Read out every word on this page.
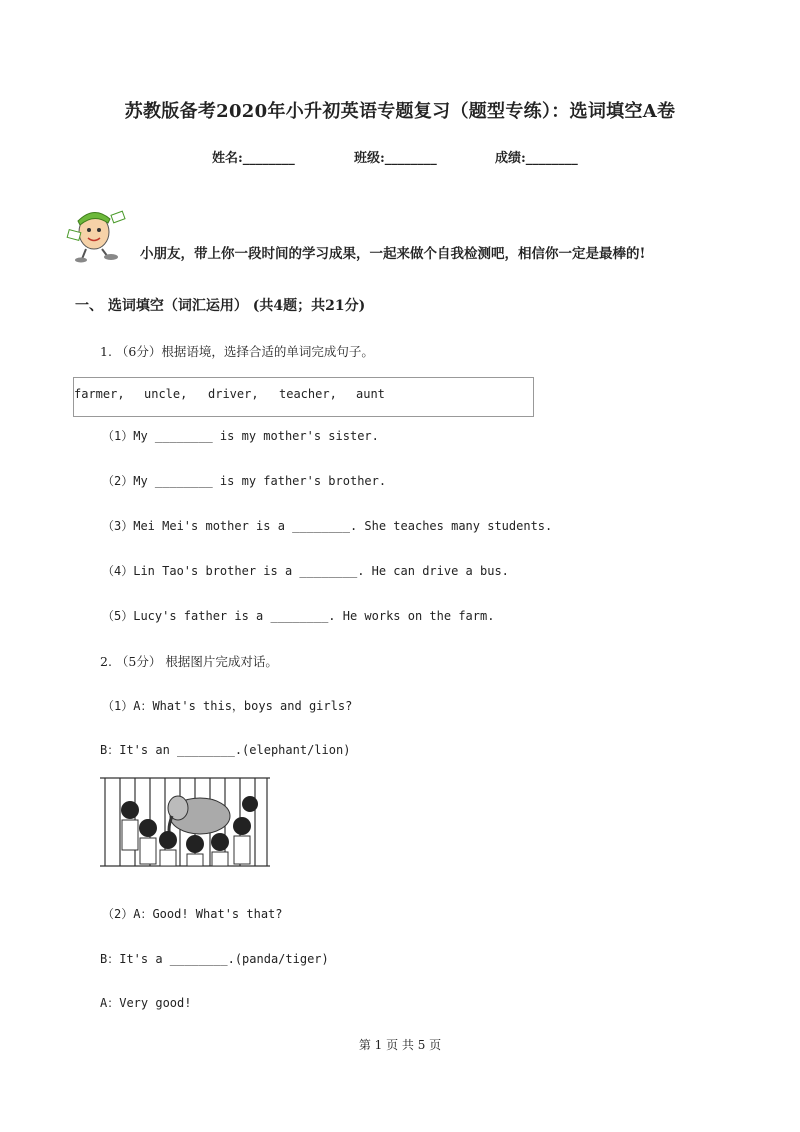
苏教版备考2020年小升初英语专题复习（题型专练）：选词填空A卷
姓名:________	班级:________	成绩:________
小朋友，带上你一段时间的学习成果，一起来做个自我检测吧，相信你一定是最棒的!
一、 选词填空（词汇运用） (共4题；共21分)
1. （6分）根据语境，选择合适的单词完成句子。
farmer, uncle, driver, teacher, aunt
（1）My ________ is my mother's sister.
（2）My ________ is my father's brother.
（3）Mei Mei's mother is a ________. She teaches many students.
（4）Lin Tao's brother is a ________. He can drive a bus.
（5）Lucy's father is a ________. He works on the farm.
2. （5分） 根据图片完成对话。
（1）A：What's this，boys and girls?
B：It's an ________.(elephant/lion)
（2）A：Good! What's that?
B：It's a ________.(panda/tiger)
A：Very good!
第 1 页 共 5 页
